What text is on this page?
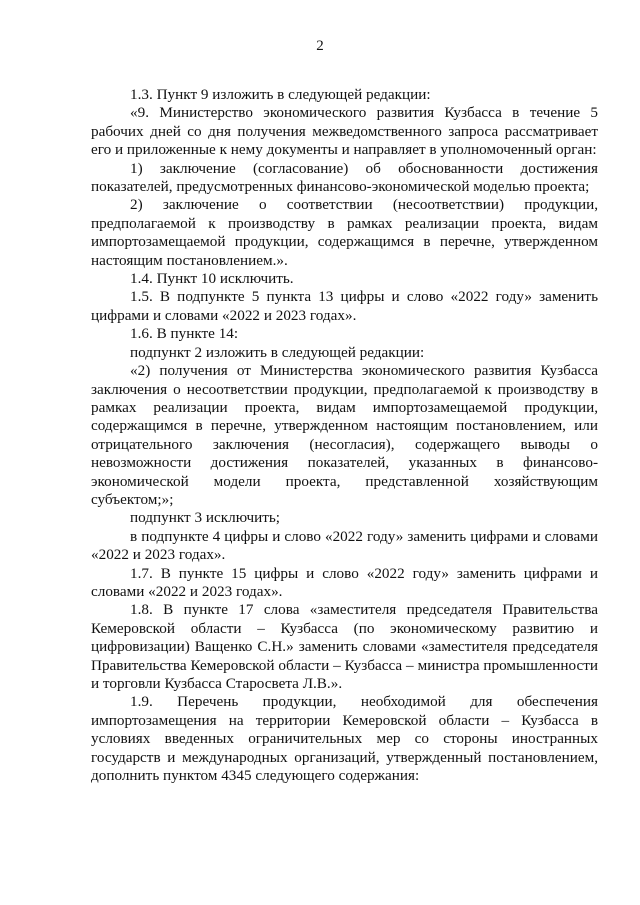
2

1.3. Пункт 9 изложить в следующей редакции:

«9. Министерство экономического развития Кузбасса в течение 5 рабочих дней со дня получения межведомственного запроса рассматривает его и приложенные к нему документы и направляет в уполномоченный орган:

1) заключение (согласование) об обоснованности достижения показателей, предусмотренных финансово-экономической моделью проекта;

2) заключение о соответствии (несоответствии) продукции, предполагаемой к производству в рамках реализации проекта, видам импортозамещаемой продукции, содержащимся в перечне, утвержденном настоящим постановлением.».

1.4. Пункт 10 исключить.

1.5. В подпункте 5 пункта 13 цифры и слово «2022 году» заменить цифрами и словами «2022 и 2023 годах».

1.6. В пункте 14:

подпункт 2 изложить в следующей редакции:

«2) получения от Министерства экономического развития Кузбасса заключения о несоответствии продукции, предполагаемой к производству в рамках реализации проекта, видам импортозамещаемой продукции, содержащимся в перечне, утвержденном настоящим постановлением, или отрицательного заключения (несогласия), содержащего выводы о невозможности достижения показателей, указанных в финансово-экономической модели проекта, представленной хозяйствующим субъектом;»;

подпункт 3 исключить;

в подпункте 4 цифры и слово «2022 году» заменить цифрами и словами «2022 и 2023 годах».

1.7. В пункте 15 цифры и слово «2022 году» заменить цифрами и словами «2022 и 2023 годах».

1.8. В пункте 17 слова «заместителя председателя Правительства Кемеровской области – Кузбасса (по экономическому развитию и цифровизации) Ващенко С.Н.» заменить словами «заместителя председателя Правительства Кемеровской области – Кузбасса – министра промышленности и торговли Кузбасса Старосвета Л.В.».

1.9. Перечень продукции, необходимой для обеспечения импортозамещения на территории Кемеровской области – Кузбасса в условиях введенных ограничительных мер со стороны иностранных государств и международных организаций, утвержденный постановлением, дополнить пунктом 4345 следующего содержания:
